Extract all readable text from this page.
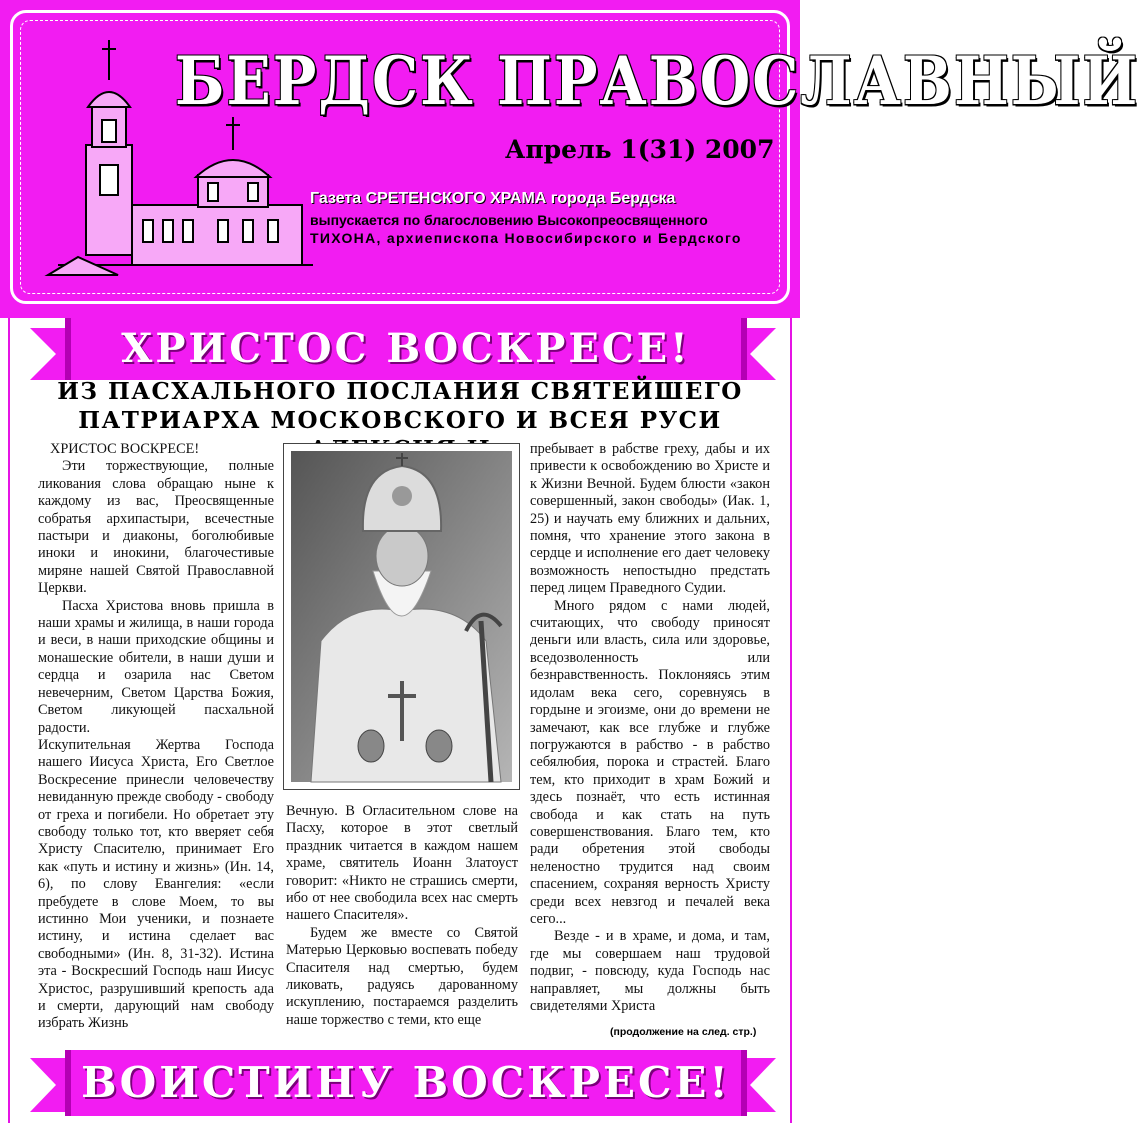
БЕРДСК ПРАВОСЛАВНЫЙ
Апрель 1(31) 2007
Газета СРЕТЕНСКОГО ХРАМА города Бердска
выпускается по благословению Высокопреосвященного
ТИХОНА, архиепископа Новосибирского и Бердского
ХРИСТОС ВОСКРЕСЕ!
ИЗ ПАСХАЛЬНОГО ПОСЛАНИЯ СВЯТЕЙШЕГО
ПАТРИАРХА МОСКОВСКОГО И ВСЕЯ РУСИ

ХРИСТОС ВОСКРЕСЕ!

Эти торжествующие, полные ликования слова обращаю ныне к каждому из вас, Преосвященные собратья архипастыри, всечестные пастыри и диаконы, боголюбивые иноки и инокини, благочестивые миряне нашей Святой Православной Церкви.

Пасха Христова вновь пришла в наши храмы и жилища, в наши города и веси, в наши приходские общины и монашеские обители, в наши души и сердца и озарила нас Светом невечерним, Светом Царства Божия, Светом ликующей пасхальной радости.

Искупительная Жертва Господа нашего Иисуса Христа, Его Светлое Воскресение принесли человечеству невиданную прежде свободу - свободу от греха и погибели. Но обретает эту свободу только тот, кто вверяет себя Христу Спасителю, принимает Его как «путь и истину и жизнь» (Ин. 14, 6), по слову Евангелия: «если пребудете в слове Моем, то вы истинно Мои ученики, и познаете истину, и истина сделает вас свободными» (Ин. 8, 31-32). Истина эта - Воскресший Господь наш Иисус Христос, разрушивший крепость ада и смерти, дарующий нам свободу избрать Жизнь

Вечную. В Огласительном слове на Пасху, которое в этот светлый праздник читается в каждом нашем храме, святитель Иоанн Златоуст говорит: «Никто не страшись смерти, ибо от нее свободила всех нас смерть нашего Спасителя».

Будем же вместе со Святой Матерью Церковью воспевать победу Спасителя над смертью, будем ликовать, радуясь дарованному искуплению, постараемся разделить наше торжество с теми, кто еще

пребывает в рабстве греху, дабы и их привести к освобождению во Христе и к Жизни Вечной. Будем блюсти «закон совершенный, закон свободы» (Иак. 1, 25) и научать ему ближних и дальних, помня, что хранение этого закона в сердце и исполнение его дает человеку возможность непостыдно предстать перед лицем Праведного Судии.

Много рядом с нами людей, считающих, что свободу приносят деньги или власть, сила или здоровье, вседозволенность или безнравственность. Поклоняясь этим идолам века сего, соревнуясь в гордыне и эгоизме, они до времени не замечают, как все глубже и глубже погружаются в рабство - в рабство себялюбия, порока и страстей. Благо тем, кто приходит в храм Божий и здесь познаёт, что есть истинная свобода и как стать на путь совершенствования. Благо тем, кто ради обретения этой свободы неленостно трудится над своим спасением, сохраняя верность Христу среди всех невзгод и печалей века сего...

Везде - и в храме, и дома, и там, где мы совершаем наш трудовой подвиг, - повсюду, куда Господь нас направляет, мы должны быть свидетелями Христа

(продолжение на след. стр.)
ВОИСТИНУ ВОСКРЕСЕ!
